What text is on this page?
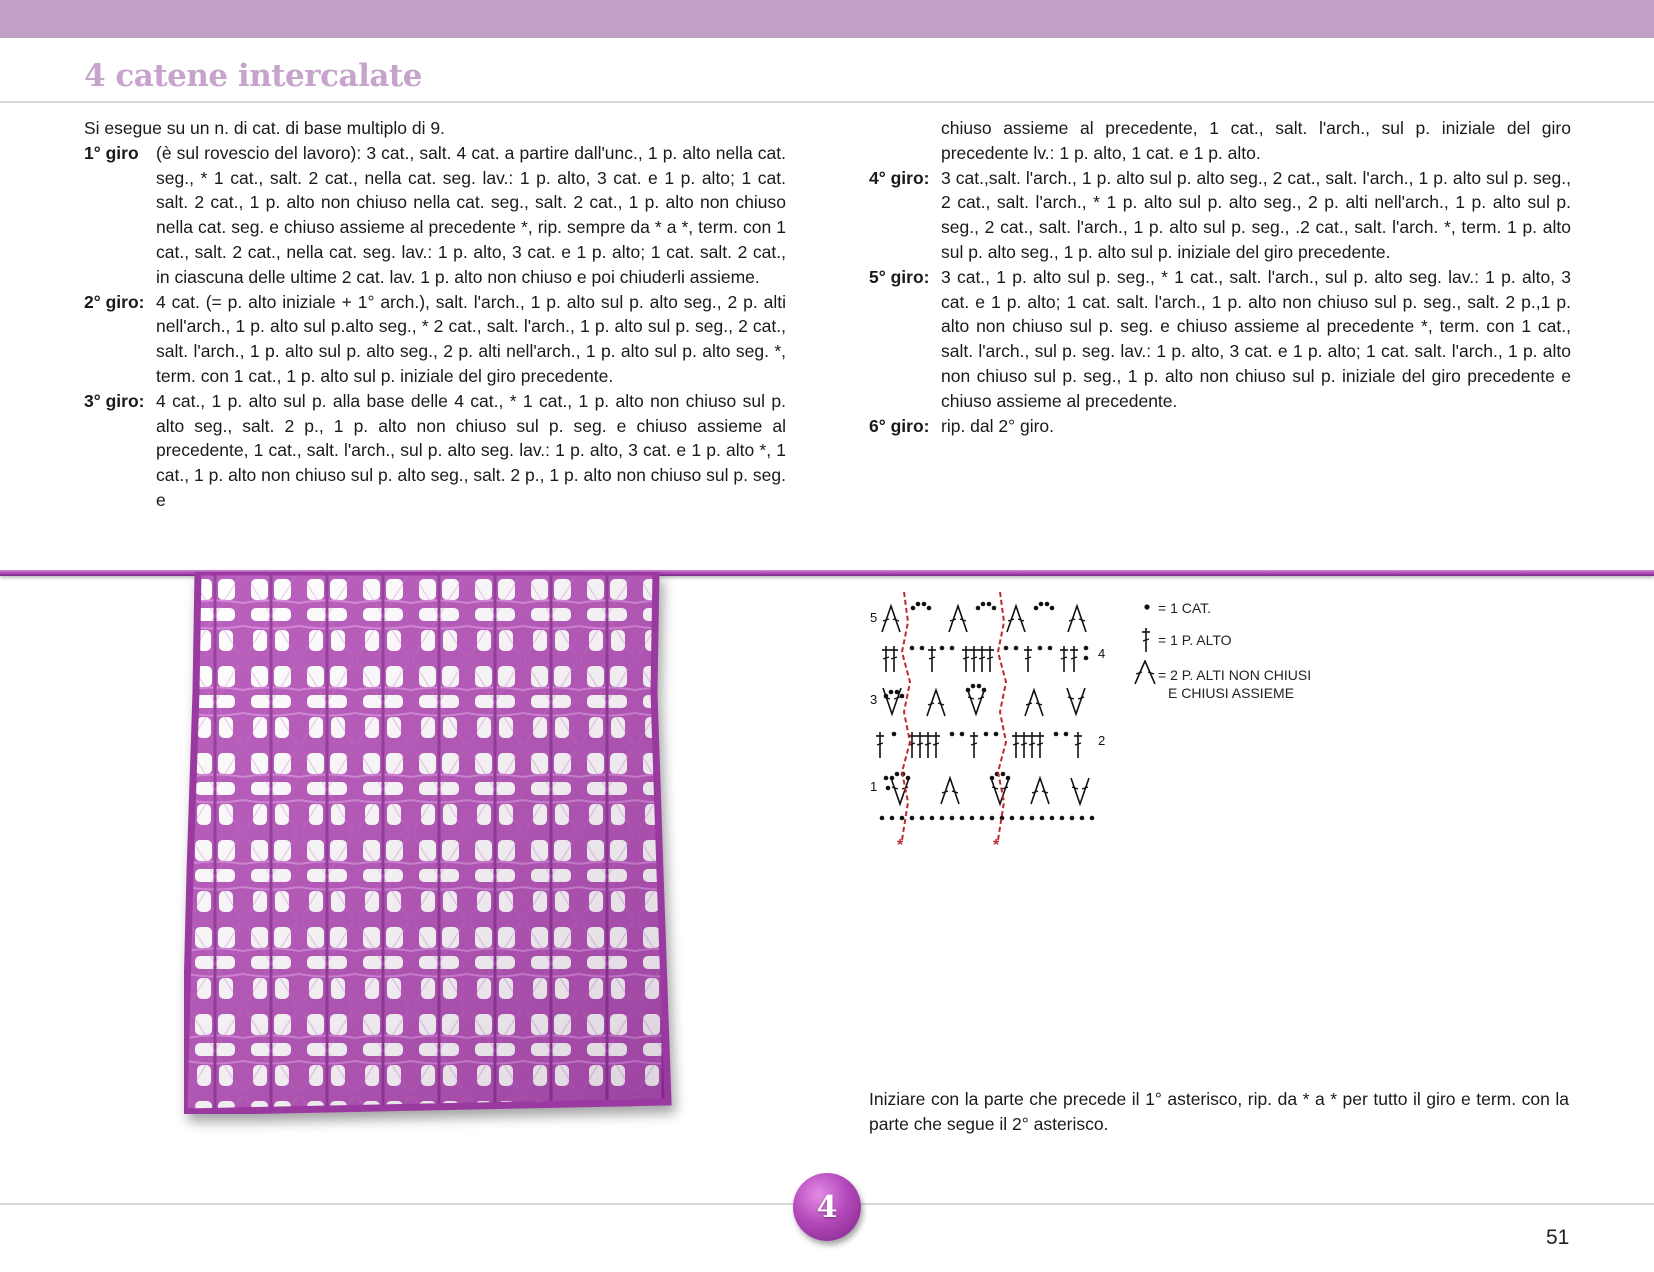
4 catene intercalate

Si esegue su un n. di cat. di base multiplo di 9.

1° giro (è sul rovescio del lavoro): 3 cat., salt. 4 cat. a partire dall'unc., 1 p. alto nella cat. seg., * 1 cat., salt. 2 cat., nella cat. seg. lav.: 1 p. alto, 3 cat. e 1 p. alto; 1 cat. salt. 2 cat., 1 p. alto non chiuso nella cat. seg., salt. 2 cat., 1 p. alto non chiuso nella cat. seg. e chiuso assieme al precedente *, rip. sempre da * a *, term. con 1 cat., salt. 2 cat., nella cat. seg. lav.: 1 p. alto, 3 cat. e 1 p. alto; 1 cat. salt. 2 cat., in ciascuna delle ultime 2 cat. lav. 1 p. alto non chiuso e poi chiuderli assieme.
2° giro: 4 cat. (= p. alto iniziale + 1° arch.), salt. l'arch., 1 p. alto sul p. alto seg., 2 p. alti nell'arch., 1 p. alto sul p.alto seg., * 2 cat., salt. l'arch., 1 p. alto sul p. seg., 2 cat., salt. l'arch., 1 p. alto sul p. alto seg., 2 p. alti nell'arch., 1 p. alto sul p. alto seg. *, term. con 1 cat., 1 p. alto sul p. iniziale del giro precedente.
3° giro: 4 cat., 1 p. alto sul p. alla base delle 4 cat., * 1 cat., 1 p. alto non chiuso sul p. alto seg., salt. 2 p., 1 p. alto non chiuso sul p. seg. e chiuso assieme al precedente, 1 cat., salt. l'arch., sul p. alto seg. lav.: 1 p. alto, 3 cat. e 1 p. alto *, 1 cat., 1 p. alto non chiuso sul p. alto seg., salt. 2 p., 1 p. alto non chiuso sul p. seg. e

chiuso assieme al precedente, 1 cat., salt. l'arch., sul p. iniziale del giro precedente lv.: 1 p. alto, 1 cat. e 1 p. alto.

4° giro: 3 cat.,salt. l'arch., 1 p. alto sul p. alto seg., 2 cat., salt. l'arch., 1 p. alto sul p. seg., 2 cat., salt. l'arch., * 1 p. alto sul p. alto seg., 2 p. alti nell'arch., 1 p. alto sul p. seg., 2 cat., salt. l'arch., 1 p. alto sul p. seg., .2 cat., salt. l'arch. *, term. 1 p. alto sul p. alto seg., 1 p. alto sul p. iniziale del giro precedente.
5° giro: 3 cat., 1 p. alto sul p. seg., * 1 cat., salt. l'arch., sul p. alto seg. lav.: 1 p. alto, 3 cat. e 1 p. alto; 1 cat. salt. l'arch., 1 p. alto non chiuso sul p. seg., salt. 2 p.,1 p. alto non chiuso sul p. seg. e chiuso assieme al precedente *, term. con 1 cat., salt. l'arch., sul p. seg. lav.: 1 p. alto, 3 cat. e 1 p. alto; 1 cat. salt. l'arch., 1 p. alto non chiuso sul p. seg., 1 p. alto non chiuso sul p. iniziale del giro precedente e chiuso assieme al precedente.
6° giro: rip. dal 2° giro.
5
4
3
2
1
*	*
= 1 CAT.
= 1 P. ALTO
= 2 P. ALTI NON CHIUSI
E CHIUSI ASSIEME

Iniziare con la parte che precede il 1° asterisco, rip. da * a * per tutto il giro e term. con la parte che segue il 2° asterisco.

4
51
